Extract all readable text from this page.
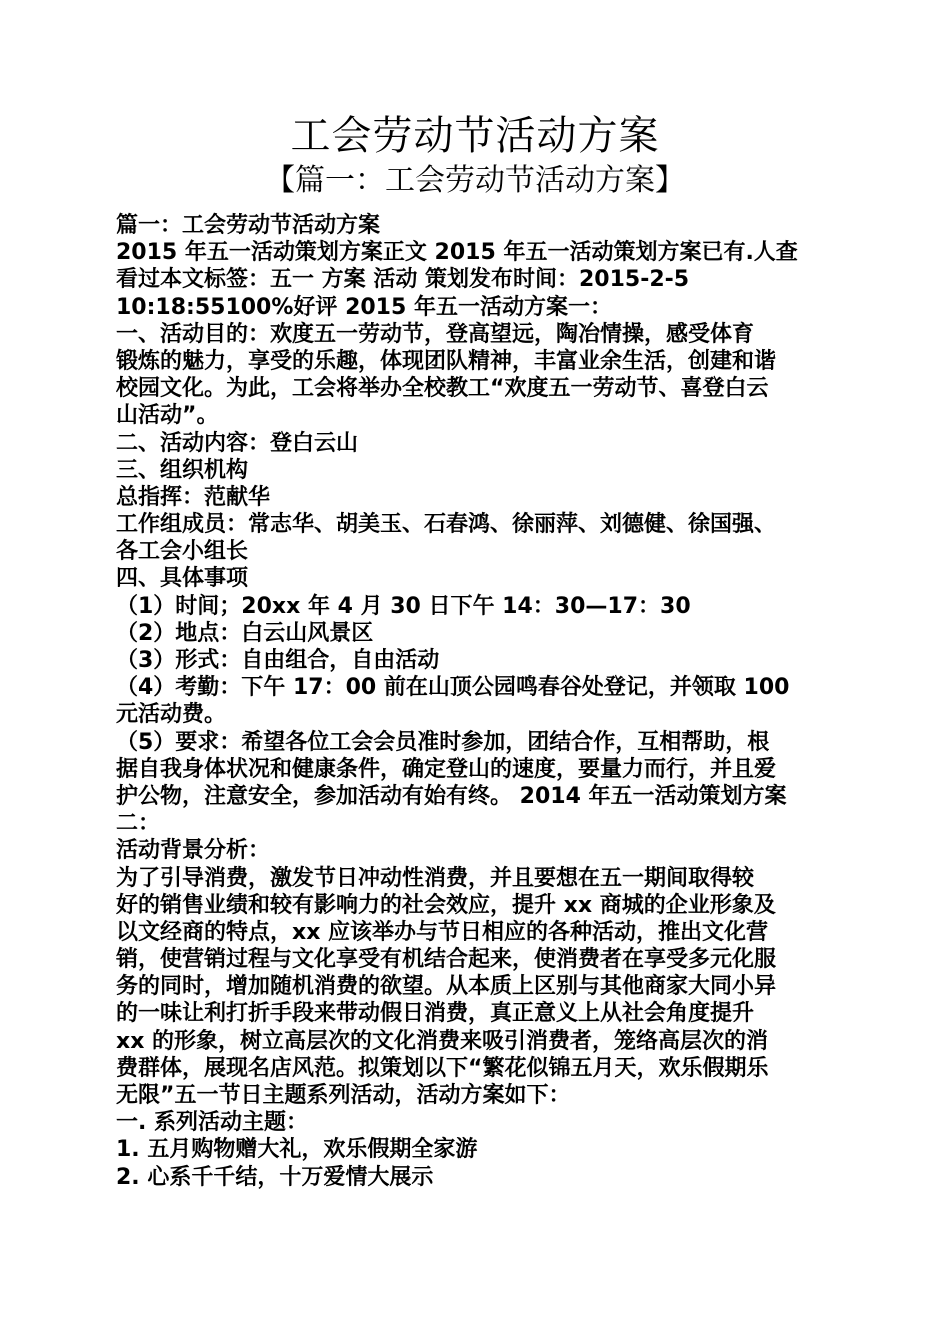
工会劳动节活动方案
【篇一：工会劳动节活动方案】
篇一：工会劳动节活动方案
2015 年五一活动策划方案正文 2015 年五一活动策划方案已有.人查
看过本文标签：五一 方案 活动 策划发布时间：2015-2-5
10:18:55100%好评 2015 年五一活动方案一：
一、活动目的：欢度五一劳动节，登高望远，陶冶情操，感受体育
锻炼的魅力，享受的乐趣，体现团队精神，丰富业余生活，创建和谐
校园文化。为此，工会将举办全校教工“欢度五一劳动节、喜登白云
山活动”。
二、活动内容：登白云山
三、组织机构
总指挥：范献华
工作组成员：常志华、胡美玉、石春鸿、徐丽萍、刘德健、徐国强、
各工会小组长
四、具体事项
（1）时间；20xx 年 4 月 30 日下午 14：30—17：30
（2）地点：白云山风景区
（3）形式：自由组合，自由活动
（4）考勤：下午 17：00 前在山顶公园鸣春谷处登记，并领取 100
元活动费。
（5）要求：希望各位工会会员准时参加，团结合作，互相帮助，根
据自我身体状况和健康条件，确定登山的速度，要量力而行，并且爱
护公物，注意安全，参加活动有始有终。 2014 年五一活动策划方案
二：
活动背景分析：
为了引导消费，激发节日冲动性消费，并且要想在五一期间取得较
好的销售业绩和较有影响力的社会效应，提升 xx 商城的企业形象及
以文经商的特点，xx 应该举办与节日相应的各种活动，推出文化营
销，使营销过程与文化享受有机结合起来，使消费者在享受多元化服
务的同时，增加随机消费的欲望。从本质上区别与其他商家大同小异
的一味让利打折手段来带动假日消费，真正意义上从社会角度提升
xx 的形象，树立高层次的文化消费来吸引消费者，笼络高层次的消
费群体，展现名店风范。拟策划以下“繁花似锦五月天，欢乐假期乐
无限”五一节日主题系列活动，活动方案如下：
一. 系列活动主题：
1. 五月购物赠大礼，欢乐假期全家游
2. 心系千千结，十万爱情大展示
